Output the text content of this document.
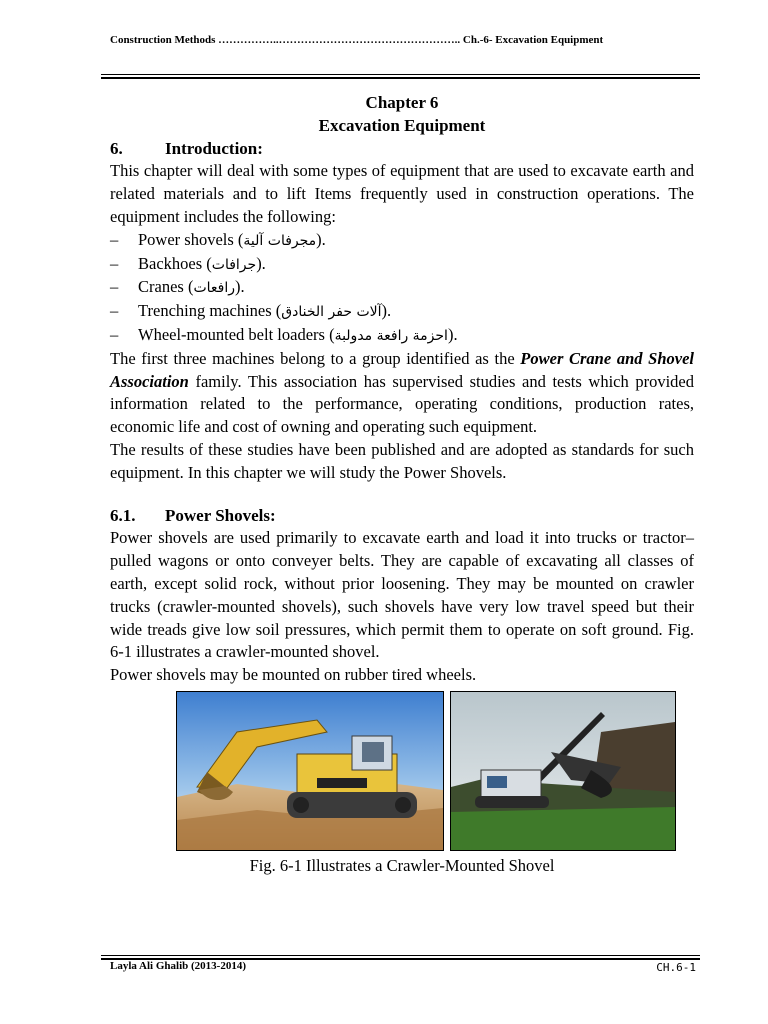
Construction Methods ……………..………………………………………….. Ch.-6- Excavation Equipment
Chapter 6
Excavation Equipment
6. Introduction:

This chapter will deal with some types of equipment that are used to excavate earth and related materials and to lift Items frequently used in construction operations. The equipment includes the following:

–	Power shovels (مجرفات آلية).
–	Backhoes (جرافات).
–	Cranes (رافعات).
–	Trenching machines (آلات حفر الخنادق).
–	Wheel-mounted belt loaders (احزمة رافعة مدولبة).

The first three machines belong to a group identified as the Power Crane and Shovel Association family. This association has supervised studies and tests which provided information related to the performance, operating conditions, production rates, economic life and cost of owning and operating such equipment.

The results of these studies have been published and are adopted as standards for such equipment. In this chapter we will study the Power Shovels.

6.1. Power Shovels:

Power shovels are used primarily to excavate earth and load it into trucks or tractor–pulled wagons or onto conveyer belts. They are capable of excavating all classes of earth, except solid rock, without prior loosening. They may be mounted on crawler trucks (crawler-mounted shovels), such shovels have very low travel speed but their wide treads give low soil pressures, which permit them to operate on soft ground. Fig. 6-1 illustrates a crawler-mounted shovel.

Power shovels may be mounted on rubber tired wheels.

Fig. 6-1 Illustrates a Crawler-Mounted Shovel
Layla Ali Ghalib (2013-2014)	CH.6-1
